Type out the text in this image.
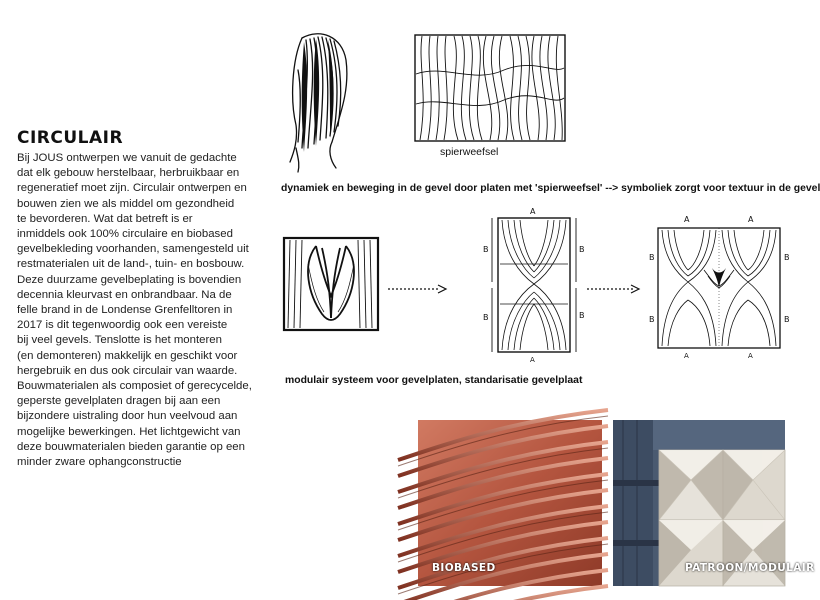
CIRCULAIR
Bij JOUS ontwerpen we vanuit de gedachte
dat elk gebouw herstelbaar, herbruikbaar en
regeneratief moet zijn. Circulair ontwerpen en
bouwen zien we als middel om gezondheid
te bevorderen. Wat dat betreft is er
inmiddels ook 100% circulaire en biobased
gevelbekleding voorhanden, samengesteld uit
restmaterialen uit de land-, tuin- en bosbouw.
Deze duurzame gevelbeplating is bovendien
decennia kleurvast en onbrandbaar. Na de
felle brand in de Londense Grenfelltoren in
2017 is dit tegenwoordig ook een vereiste
bij veel gevels. Tenslotte is het monteren
(en demonteren) makkelijk en geschikt voor
hergebruik en dus ook circulair van waarde.
Bouwmaterialen als composiet of gerecycelde,
geperste gevelplaten dragen bij aan een
bijzondere uistraling door hun veelvoud aan
mogelijke bewerkingen. Het lichtgewicht van
deze bouwmaterialen bieden garantie op een
minder zware ophangconstructie
spierweefsel
dynamiek en beweging in de gevel door platen met 'spierweefsel' --> symboliek zorgt voor textuur in de gevel
A
B	B
B	B
A
A	A
B
B
B
B
A	A
modulair systeem voor gevelplaten, standarisatie gevelplaat
BIOBASED	PATROON/MODULAIR
